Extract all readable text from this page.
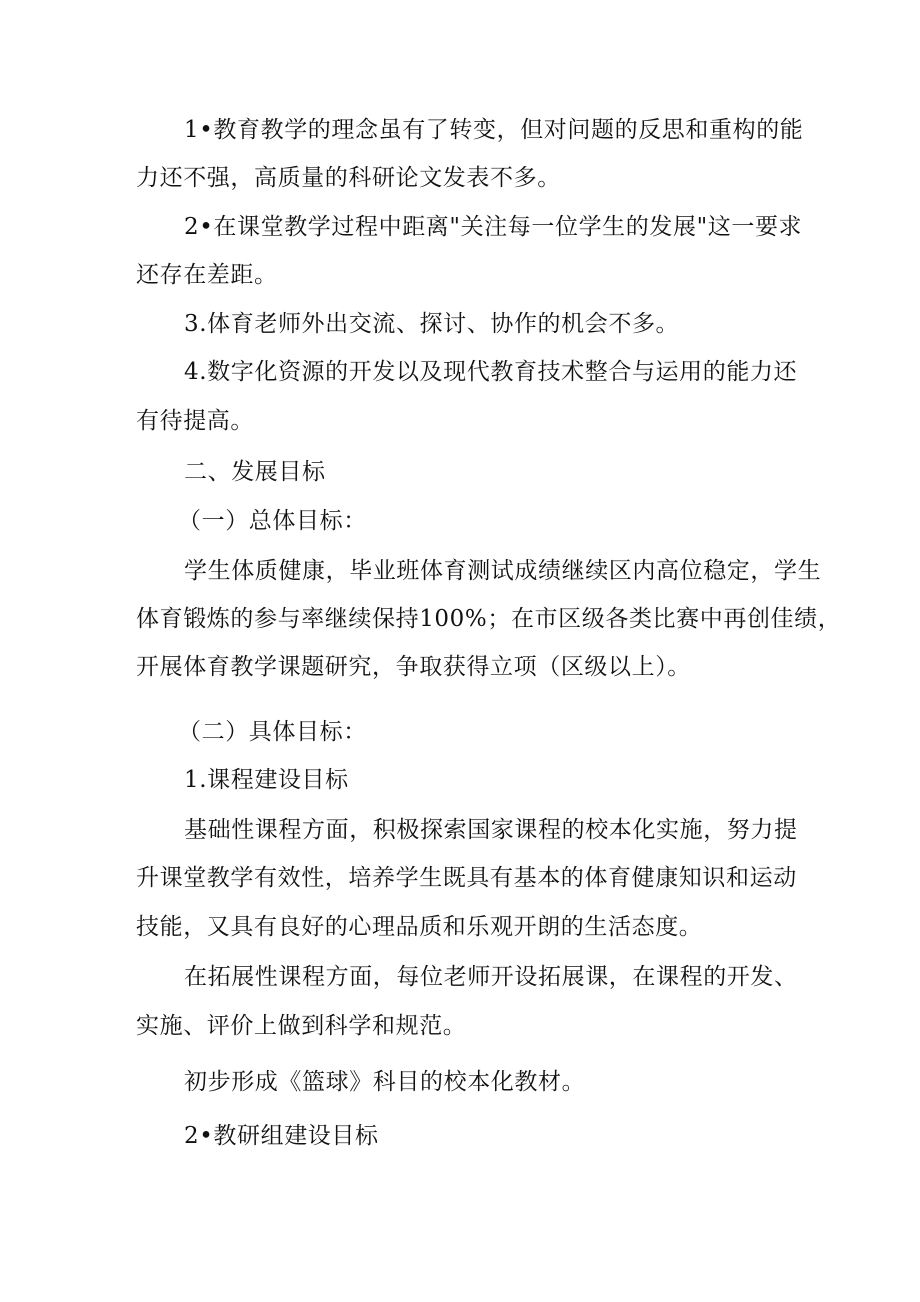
1•教育教学的理念虽有了转变，但对问题的反思和重构的能
力还不强，高质量的科研论文发表不多。
2•在课堂教学过程中距离"关注每一位学生的发展"这一要求
还存在差距。
3.体育老师外出交流、探讨、协作的机会不多。
4.数字化资源的开发以及现代教育技术整合与运用的能力还
有待提高。
二、发展目标
（一）总体目标：
学生体质健康，毕业班体育测试成绩继续区内高位稳定，学生
体育锻炼的参与率继续保持100%；在市区级各类比赛中再创佳绩，
开展体育教学课题研究，争取获得立项（区级以上）。
（二）具体目标：
1.课程建设目标
基础性课程方面，积极探索国家课程的校本化实施，努力提
升课堂教学有效性，培养学生既具有基本的体育健康知识和运动
技能，又具有良好的心理品质和乐观开朗的生活态度。
在拓展性课程方面，每位老师开设拓展课，在课程的开发、
实施、评价上做到科学和规范。
初步形成《篮球》科目的校本化教材。
2•教研组建设目标
